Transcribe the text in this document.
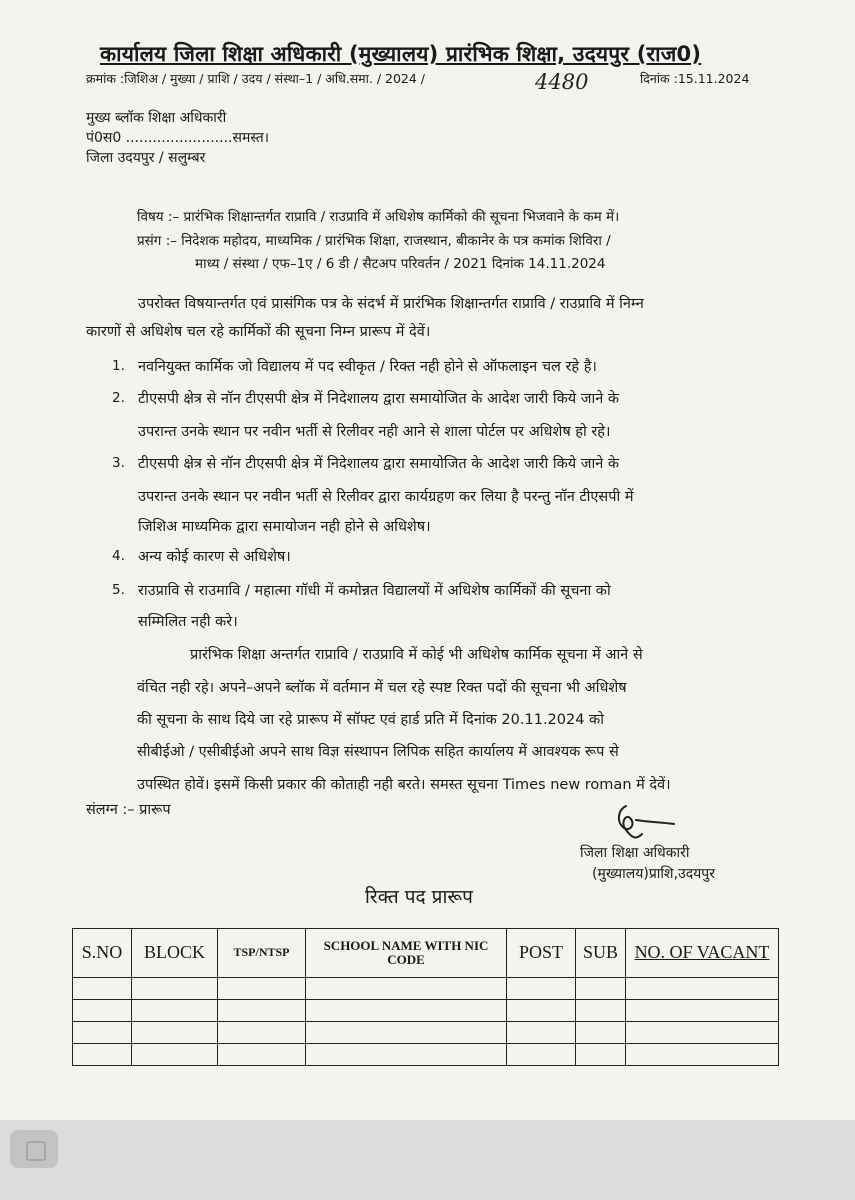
कार्यालय जिला शिक्षा अधिकारी (मुख्यालय) प्रारंभिक शिक्षा, उदयपुर (राज0)
क्रमांक :जिशिअ / मुख्या / प्राशि / उदय / संस्था–1 / अधि.समा. / 2024 /	4480	दिनांक :15.11.2024
मुख्य ब्लॉक शिक्षा अधिकारी
पं0स0 ........................समस्त।
जिला उदयपुर / सलुम्बर
विषय :– प्रारंभिक शिक्षान्तर्गत राप्रावि / राउप्रावि में अधिशेष कार्मिको की सूचना भिजवाने के कम में।
प्रसंग :– निदेशक महोदय, माध्यमिक / प्रारंभिक शिक्षा, राजस्थान, बीकानेर के पत्र कमांक शिविरा /
माध्य / संस्था / एफ–1ए / 6 डी / सैटअप परिवर्तन / 2021 दिनांक 14.11.2024
उपरोक्त विषयान्तर्गत एवं प्रासंगिक पत्र के संदर्भ में प्रारंभिक शिक्षान्तर्गत राप्रावि / राउप्रावि में निम्न
कारणों से अधिशेष चल रहे कार्मिकों की सूचना निम्न प्रारूप में देवें।
1. नवनियुक्त कार्मिक जो विद्यालय में पद स्वीकृत / रिक्त नही होने से ऑफलाइन चल रहे है।
2. टीएसपी क्षेत्र से नॉन टीएसपी क्षेत्र में निदेशालय द्वारा समायोजित के आदेश जारी किये जाने के
उपरान्त उनके स्थान पर नवीन भर्ती से रिलीवर नही आने से शाला पोर्टल पर अधिशेष हो रहे।
3. टीएसपी क्षेत्र से नॉन टीएसपी क्षेत्र में निदेशालय द्वारा समायोजित के आदेश जारी किये जाने के
उपरान्त उनके स्थान पर नवीन भर्ती से रिलीवर द्वारा कार्यग्रहण कर लिया है परन्तु नॉन टीएसपी में
जिशिअ माध्यमिक द्वारा समायोजन नही होने से अधिशेष।
4. अन्य कोई कारण से अधिशेष।
5. राउप्रावि से राउमावि / महात्मा गॉधी में कमोन्नत विद्यालयों में अधिशेष कार्मिकों की सूचना को
सम्मिलित नही करे।
प्रारंभिक शिक्षा अन्तर्गत राप्रावि / राउप्रावि में कोई भी अधिशेष कार्मिक सूचना में आने से
वंचित नही रहे। अपने–अपने ब्लॉक में वर्तमान में चल रहे स्पष्ट रिक्त पदों की सूचना भी अधिशेष
की सूचना के साथ दिये जा रहे प्रारूप में सॉफ्ट एवं हार्ड प्रति में दिनांक 20.11.2024 को
सीबीईओ / एसीबीईओ अपने साथ विज्ञ संस्थापन लिपिक सहित कार्यालय में आवश्यक रूप से
उपस्थित होवें। इसमें किसी प्रकार की कोताही नही बरते। समस्त सूचना Times new roman में देवें।
संलग्न :– प्रारूप
जिला शिक्षा अधिकारी
(मुख्यालय)प्राशि,उदयपुर
रिक्त पद प्रारूप
S.NO	BLOCK	TSP/NTSP	SCHOOL NAME WITH NIC CODE	POST	SUB	NO. OF VACANT
